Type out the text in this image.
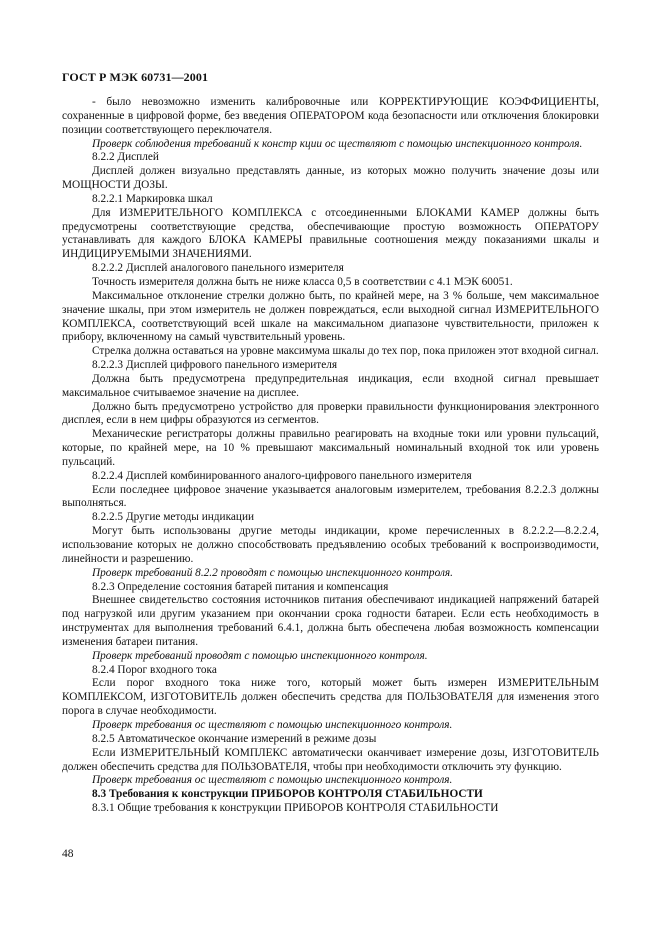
ГОСТ Р МЭК 60731—2001

- было невозможно изменить калибровочные или КОРРЕКТИРУЮЩИЕ КОЭФФИЦИЕНТЫ, сохраненные в цифровой форме, без введения ОПЕРАТОРОМ кода безопасности или отключения блокировки позиции соответствующего переключателя.

Проверк соблюдения требований к констр кции ос ществляют с помощью инспекционного контроля.

8.2.2 Дисплей

Дисплей должен визуально представлять данные, из которых можно получить значение дозы или МОЩНОСТИ ДОЗЫ.

8.2.2.1 Маркировка шкал

Для ИЗМЕРИТЕЛЬНОГО КОМПЛЕКСА с отсоединенными БЛОКАМИ КАМЕР должны быть предусмотрены соответствующие средства, обеспечивающие простую возможность ОПЕРАТОРУ устанавливать для каждого БЛОКА КАМЕРЫ правильные соотношения между показаниями шкалы и ИНДИЦИРУЕМЫМИ ЗНАЧЕНИЯМИ.

8.2.2.2 Дисплей аналогового панельного измерителя

Точность измерителя должна быть не ниже класса 0,5 в соответствии с 4.1 МЭК 60051.

Максимальное отклонение стрелки должно быть, по крайней мере, на 3 % больше, чем максимальное значение шкалы, при этом измеритель не должен повреждаться, если выходной сигнал ИЗМЕРИТЕЛЬНОГО КОМПЛЕКСА, соответствующий всей шкале на максимальном диапазоне чувствительности, приложен к прибору, включенному на самый чувствительный уровень.

Стрелка должна оставаться на уровне максимума шкалы до тех пор, пока приложен этот входной сигнал.

8.2.2.3 Дисплей цифрового панельного измерителя

Должна быть предусмотрена предупредительная индикация, если входной сигнал превышает максимальное считываемое значение на дисплее.

Должно быть предусмотрено устройство для проверки правильности функционирования электронного дисплея, если в нем цифры образуются из сегментов.

Механические регистраторы должны правильно реагировать на входные токи или уровни пульсаций, которые, по крайней мере, на 10 % превышают максимальный номинальный входной ток или уровень пульсаций.

8.2.2.4 Дисплей комбинированного аналого-цифрового панельного измерителя

Если последнее цифровое значение указывается аналоговым измерителем, требования 8.2.2.3 должны выполняться.

8.2.2.5 Другие методы индикации

Могут быть использованы другие методы индикации, кроме перечисленных в 8.2.2.2—8.2.2.4, использование которых не должно способствовать предъявлению особых требований к воспроизводимости, линейности и разрешению.

Проверк требований 8.2.2 проводят с помощью инспекционного контроля.

8.2.3 Определение состояния батарей питания и компенсация

Внешнее свидетельство состояния источников питания обеспечивают индикацией напряжений батарей под нагрузкой или другим указанием при окончании срока годности батареи. Если есть необходимость в инструментах для выполнения требований 6.4.1, должна быть обеспечена любая возможность компенсации изменения батареи питания.

Проверк требований проводят с помощью инспекционного контроля.

8.2.4 Порог входного тока

Если порог входного тока ниже того, который может быть измерен ИЗМЕРИТЕЛЬНЫМ КОМПЛЕКСОМ, ИЗГОТОВИТЕЛЬ должен обеспечить средства для ПОЛЬЗОВАТЕЛЯ для изменения этого порога в случае необходимости.

Проверк требования ос ществляют с помощью инспекционного контроля.

8.2.5 Автоматическое окончание измерений в режиме дозы

Если ИЗМЕРИТЕЛЬНЫЙ КОМПЛЕКС автоматически оканчивает измерение дозы, ИЗГОТОВИТЕЛЬ должен обеспечить средства для ПОЛЬЗОВАТЕЛЯ, чтобы при необходимости отключить эту функцию.

Проверк требования ос ществляют с помощью инспекционного контроля.

8.3 Требования к конструкции ПРИБОРОВ КОНТРОЛЯ СТАБИЛЬНОСТИ

8.3.1 Общие требования к конструкции ПРИБОРОВ КОНТРОЛЯ СТАБИЛЬНОСТИ

48
